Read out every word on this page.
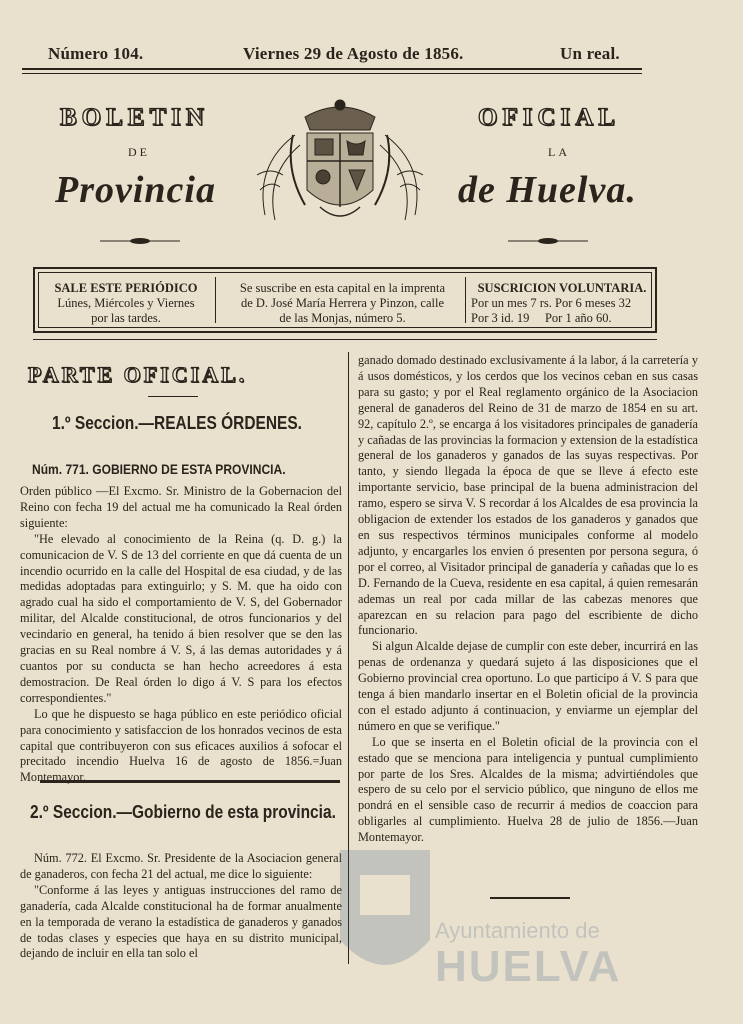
Número 104.	Viernes 29 de Agosto de 1856.	Un real.
BOLETIN	OFICIAL
DE	LA
Provincia	de Huelva.
SALE ESTE PERIÓDICO
Lúnes, Miércoles y Viernes
por las tardes.
Se suscribe en esta capital en la imprenta
de D. José María Herrera y Pinzon, calle
de las Monjas, número 5.
SUSCRICION VOLUNTARIA.
Por un mes 7 rs. Por 6 meses 32
Por 3 id. 19     Por 1 año 60.
PARTE OFICIAL.
1.º Seccion.—REALES ÓRDENES.
Núm. 771. GOBIERNO DE ESTA PROVINCIA.

Orden público —El Excmo. Sr. Ministro de la Gobernacion del Reino con fecha 19 del actual me ha comunicado la Real órden siguiente:

"He elevado al conocimiento de la Reina (q. D. g.) la comunicacion de V. S de 13 del corriente en que dá cuenta de un incendio ocurrido en la calle del Hospital de esa ciudad, y de las medidas adoptadas para extinguirlo; y S. M. que ha oido con agrado cual ha sido el comportamiento de V. S, del Gobernador militar, del Alcalde constitucional, de otros funcionarios y del vecindario en general, ha tenido á bien resolver que se den las gracias en su Real nombre á V. S, á las demas autoridades y á cuantos por su conducta se han hecho acreedores á esta demostracion. De Real órden lo digo á V. S para los efectos correspondientes."

Lo que he dispuesto se haga público en este periódico oficial para conocimiento y satisfaccion de los honrados vecinos de esta capital que contribuyeron con sus eficaces auxilios á sofocar el precitado incendio Huelva 16 de agosto de 1856.=Juan Montemayor.

2.º Seccion.—Gobierno de esta provincia.

Núm. 772. El Excmo. Sr. Presidente de la Asociacion general de ganaderos, con fecha 21 del actual, me dice lo siguiente:

"Conforme á las leyes y antiguas instrucciones del ramo de ganadería, cada Alcalde constitucional ha de formar anualmente en la temporada de verano la estadística de ganaderos y ganados de todas clases y especies que haya en su distrito municipal, dejando de incluir en ella tan solo el

ganado domado destinado exclusivamente á la labor, á la carretería y á usos domésticos, y los cerdos que los vecinos ceban en sus casas para su gasto; y por el Real reglamento orgánico de la Asociacion general de ganaderos del Reino de 31 de marzo de 1854 en su art. 92, capítulo 2.º, se encarga á los visitadores principales de ganadería y cañadas de las provincias la formacion y extension de la estadística general de los ganaderos y ganados de las suyas respectivas. Por tanto, y siendo llegada la época de que se lleve á efecto este importante servicio, base principal de la buena administracion del ramo, espero se sirva V. S recordar á los Alcaldes de esa provincia la obligacion de extender los estados de los ganaderos y ganados que en sus respectivos términos municipales conforme al modelo adjunto, y encargarles los envien ó presenten por persona segura, ó por el correo, al Visitador principal de ganadería y cañadas que lo es D. Fernando de la Cueva, residente en esa capital, á quien remesarán ademas un real por cada millar de las cabezas menores que aparezcan en su relacion para pago del escribiente de dicho funcionario.

Si algun Alcalde dejase de cumplir con este deber, incurrirá en las penas de ordenanza y quedará sujeto á las disposiciones que el Gobierno provincial crea oportuno. Lo que participo á V. S para que tenga á bien mandarlo insertar en el Boletin oficial de la provincia con el estado adjunto á continuacion, y enviarme un ejemplar del número en que se verifique."

Lo que se inserta en el Boletin oficial de la provincia con el estado que se menciona para inteligencia y puntual cumplimiento por parte de los Sres. Alcaldes de la misma; advirtiéndoles que espero de su celo por el servicio público, que ninguno de ellos me pondrá en el sensible caso de recurrir á medios de coaccion para obligarles al cumplimiento. Huelva 28 de julio de 1856.—Juan Montemayor.

Ayuntamiento de
HUELVA
